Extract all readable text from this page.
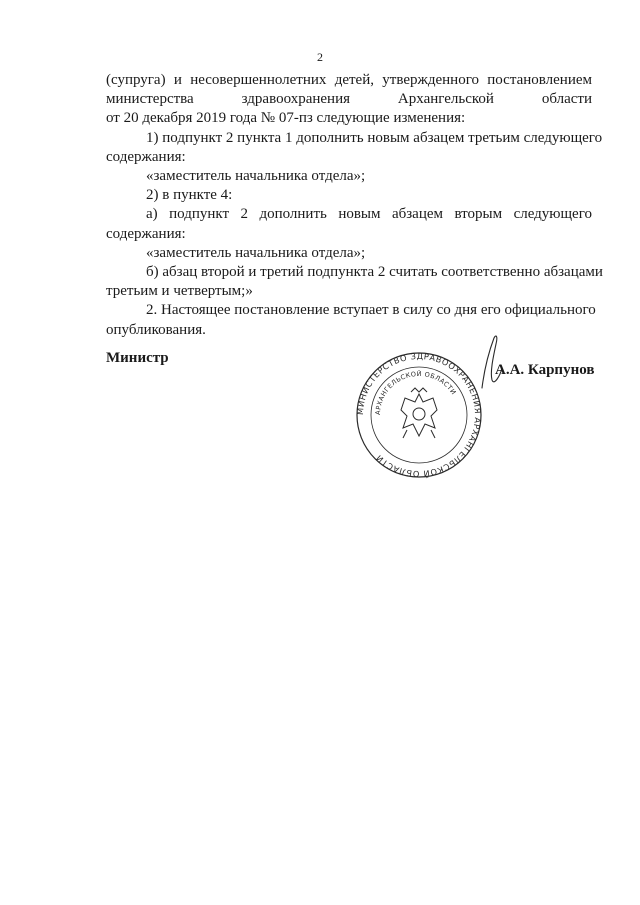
2
(супруга) и несовершеннолетних детей, утвержденного постановлением
министерства здравоохранения Архангельской области
от 20 декабря 2019 года № 07-пз следующие изменения:
1) подпункт 2 пункта 1 дополнить новым абзацем третьим следующего
содержания:
«заместитель начальника отдела»;
2) в пункте 4:
а) подпункт 2 дополнить новым абзацем вторым следующего
содержания:
«заместитель начальника отдела»;
б) абзац второй и третий подпункта 2 считать соответственно абзацами
третьим и четвертым;»
2. Настоящее постановление вступает в силу со дня его официального
опубликования.
Министр
МИНИСТЕРСТВО ЗДРАВООХРАНЕНИЯ АРХАНГЕЛЬСКОЙ ОБЛАСТИ
АРХАНГЕЛЬСКОЙ ОБЛАСТИ
А.А. Карпунов
